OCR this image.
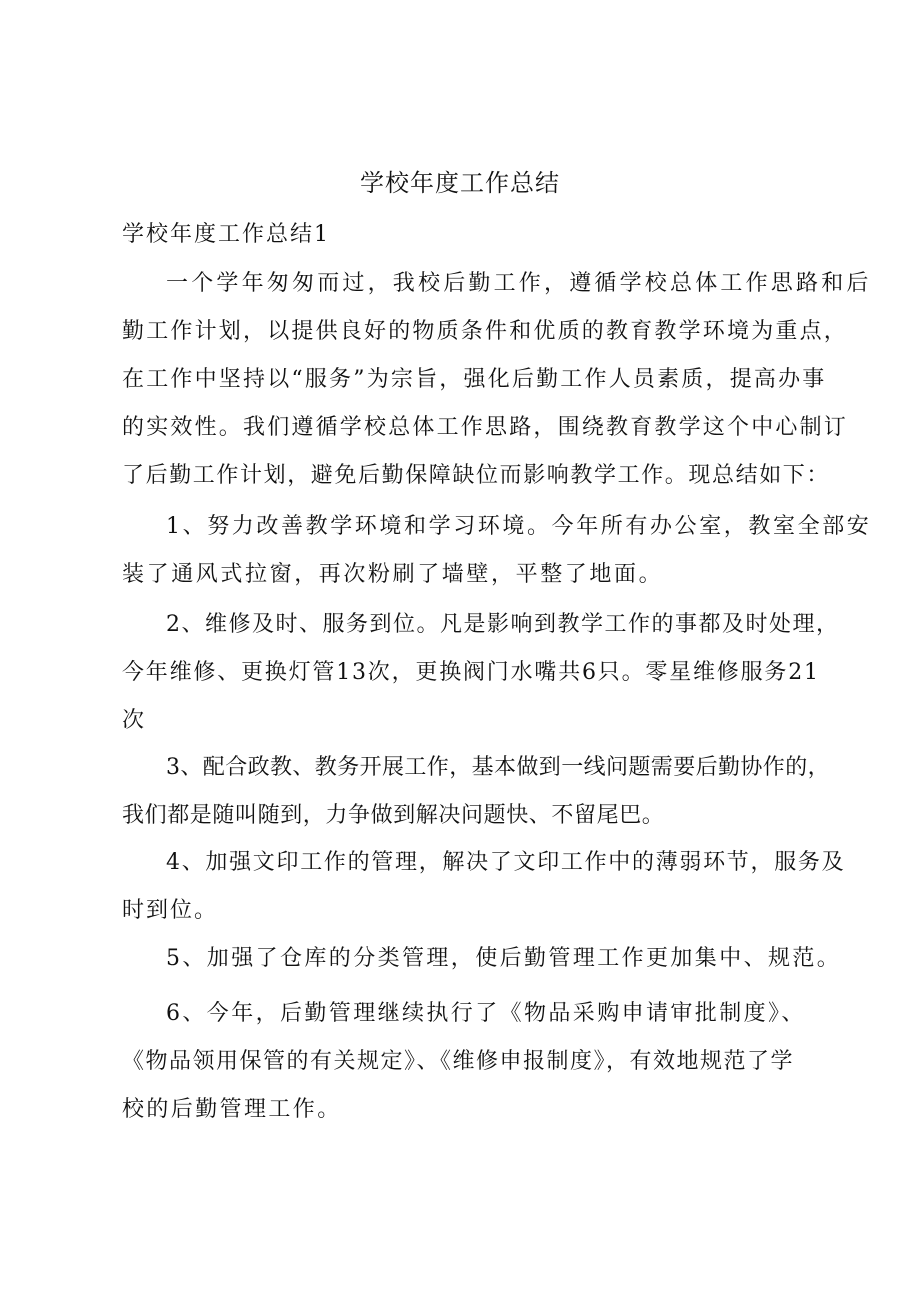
学校年度工作总结
学校年度工作总结1
一个学年匆匆而过，我校后勤工作，遵循学校总体工作思路和后
勤工作计划，以提供良好的物质条件和优质的教育教学环境为重点，
在工作中坚持以“服务”为宗旨，强化后勤工作人员素质，提高办事
的实效性。我们遵循学校总体工作思路，围绕教育教学这个中心制订
了后勤工作计划，避免后勤保障缺位而影响教学工作。现总结如下：
1、努力改善教学环境和学习环境。今年所有办公室，教室全部安
装了通风式拉窗，再次粉刷了墙壁，平整了地面。
2、维修及时、服务到位。凡是影响到教学工作的事都及时处理，
今年维修、更换灯管13次，更换阀门水嘴共6只。零星维修服务21
次
3、配合政教、教务开展工作，基本做到一线问题需要后勤协作的，
我们都是随叫随到，力争做到解决问题快、不留尾巴。
4、加强文印工作的管理，解决了文印工作中的薄弱环节，服务及
时到位。
5、加强了仓库的分类管理，使后勤管理工作更加集中、规范。
6、今年，后勤管理继续执行了《物品采购申请审批制度》、
《物品领用保管的有关规定》、《维修申报制度》，有效地规范了学
校的后勤管理工作。
